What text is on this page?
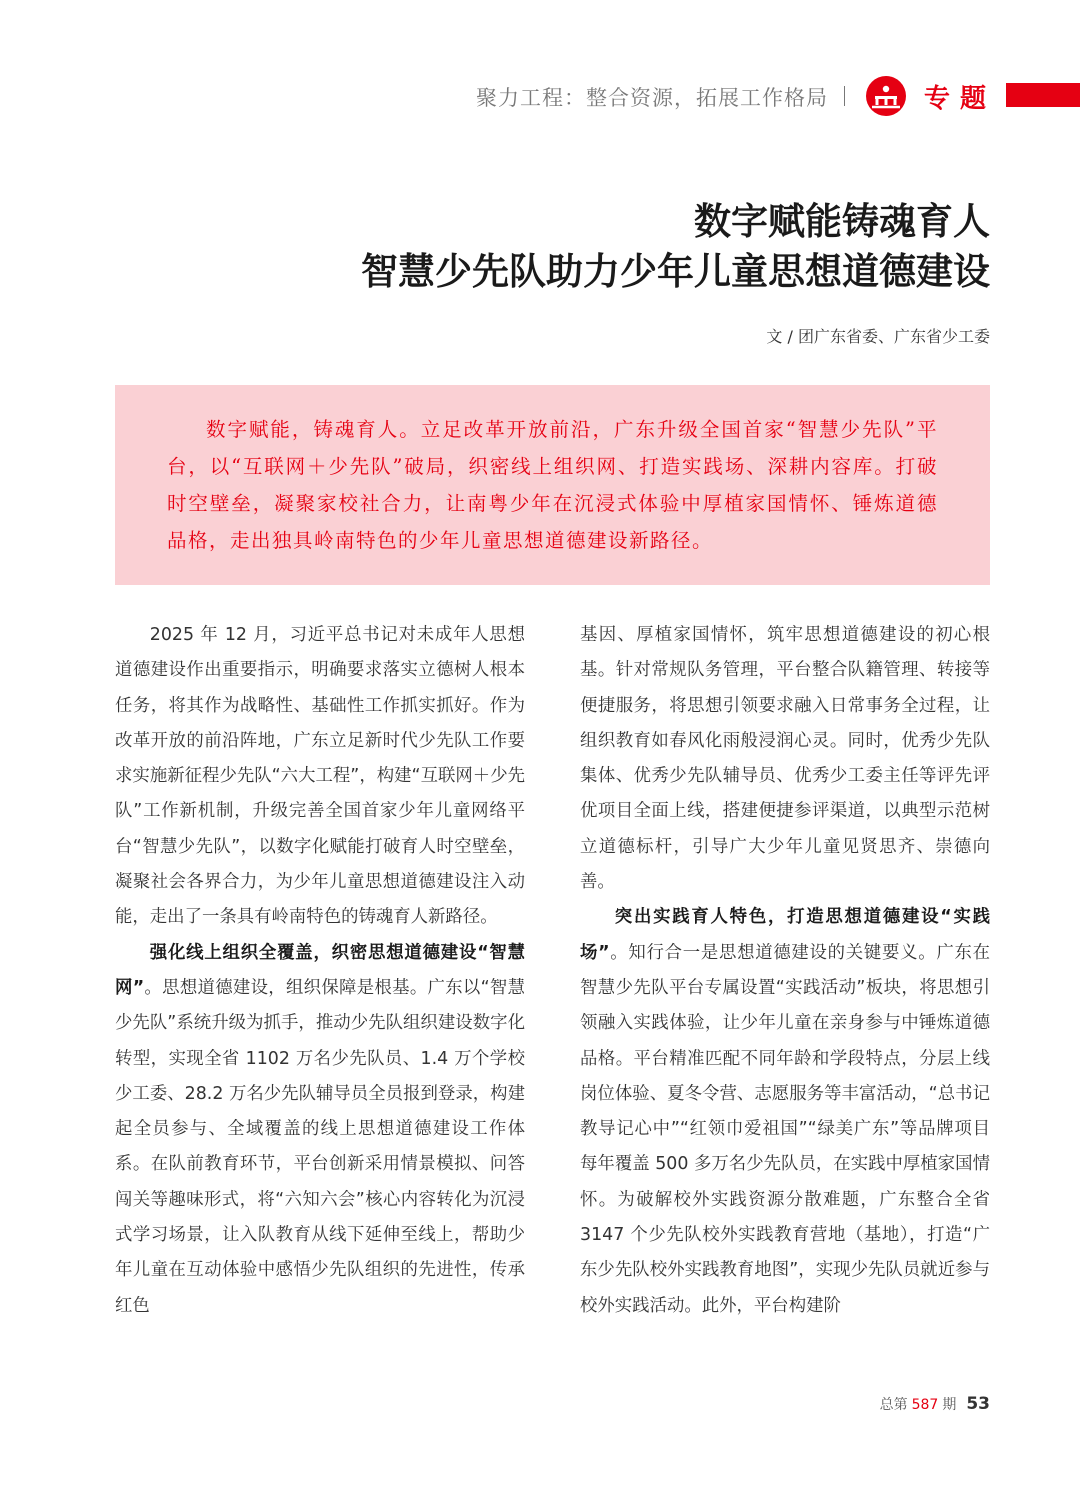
聚力工程：整合资源，拓展工作格局	专题
数字赋能铸魂育人
智慧少先队助力少年儿童思想道德建设
文 / 团广东省委、广东省少工委

数字赋能，铸魂育人。立足改革开放前沿，广东升级全国首家“智慧少先队”平台，以“互联网＋少先队”破局，织密线上组织网、打造实践场、深耕内容库。打破时空壁垒，凝聚家校社合力，让南粤少年在沉浸式体验中厚植家国情怀、锤炼道德品格，走出独具岭南特色的少年儿童思想道德建设新路径。

2025 年 12 月，习近平总书记对未成年人思想道德建设作出重要指示，明确要求落实立德树人根本任务，将其作为战略性、基础性工作抓实抓好。作为改革开放的前沿阵地，广东立足新时代少先队工作要求实施新征程少先队“六大工程”，构建“互联网＋少先队”工作新机制，升级完善全国首家少年儿童网络平台“智慧少先队”，以数字化赋能打破育人时空壁垒，凝聚社会各界合力，为少年儿童思想道德建设注入动能，走出了一条具有岭南特色的铸魂育人新路径。

强化线上组织全覆盖，织密思想道德建设“智慧网”。思想道德建设，组织保障是根基。广东以“智慧少先队”系统升级为抓手，推动少先队组织建设数字化转型，实现全省 1102 万名少先队员、1.4 万个学校少工委、28.2 万名少先队辅导员全员报到登录，构建起全员参与、全域覆盖的线上思想道德建设工作体系。在队前教育环节，平台创新采用情景模拟、问答闯关等趣味形式，将“六知六会”核心内容转化为沉浸式学习场景，让入队教育从线下延伸至线上，帮助少年儿童在互动体验中感悟少先队组织的先进性，传承红色

基因、厚植家国情怀，筑牢思想道德建设的初心根基。针对常规队务管理，平台整合队籍管理、转接等便捷服务，将思想引领要求融入日常事务全过程，让组织教育如春风化雨般浸润心灵。同时，优秀少先队集体、优秀少先队辅导员、优秀少工委主任等评先评优项目全面上线，搭建便捷参评渠道，以典型示范树立道德标杆，引导广大少年儿童见贤思齐、崇德向善。

突出实践育人特色，打造思想道德建设“实践场”。知行合一是思想道德建设的关键要义。广东在智慧少先队平台专属设置“实践活动”板块，将思想引领融入实践体验，让少年儿童在亲身参与中锤炼道德品格。平台精准匹配不同年龄和学段特点，分层上线岗位体验、夏冬令营、志愿服务等丰富活动，“总书记教导记心中”“红领巾爱祖国”“绿美广东”等品牌项目每年覆盖 500 多万名少先队员，在实践中厚植家国情怀。为破解校外实践资源分散难题，广东整合全省 3147 个少先队校外实践教育营地（基地），打造“广东少先队校外实践教育地图”，实现少先队员就近参与校外实践活动。此外，平台构建阶

总第 587 期 53
